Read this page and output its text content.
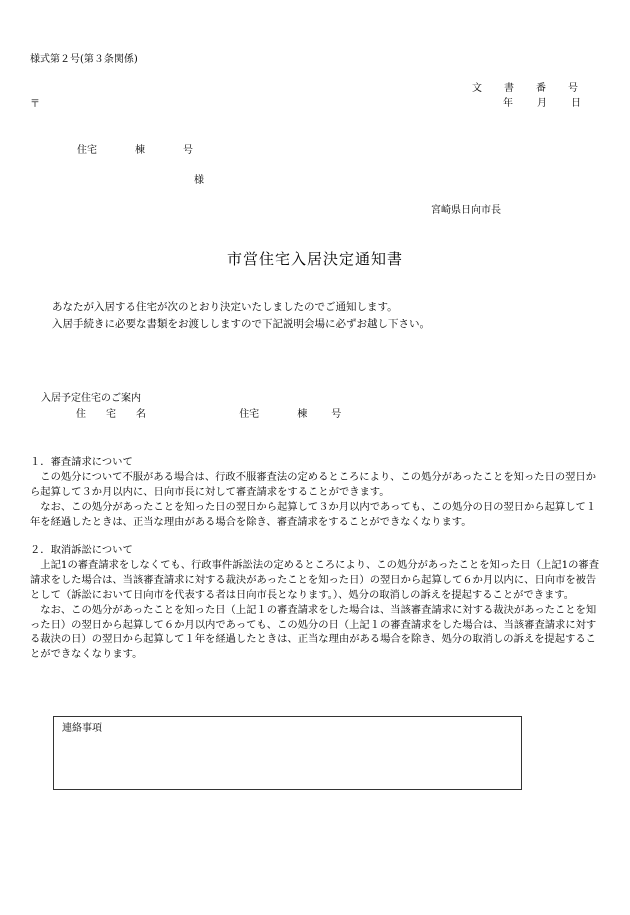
様式第２号(第３条関係)
文 書 番 号
年 月 日
〒
住宅	棟	号
様
宮崎県日向市長
市営住宅入居決定通知書
あなたが入居する住宅が次のとおり決定いたしましたのでご通知します。
入居手続きに必要な書類をお渡ししますので下記説明会場に必ずお越し下さい。
入居予定住宅のご案内
住 宅 名	住宅	棟 号

１．審査請求について

　この処分について不服がある場合は、行政不服審査法の定めるところにより、この処分があったことを知った日の翌日から起算して３か月以内に、日向市長に対して審査請求をすることができます。

　なお、この処分があったことを知った日の翌日から起算して３か月以内であっても、この処分の日の翌日から起算して１年を経過したときは、正当な理由がある場合を除き、審査請求をすることができなくなります。

２．取消訴訟について

　上記1の審査請求をしなくても、行政事件訴訟法の定めるところにより、この処分があったことを知った日（上記1の審査請求をした場合は、当該審査請求に対する裁決があったことを知った日）の翌日から起算して６か月以内に、日向市を被告として（訴訟において日向市を代表する者は日向市長となります。）、処分の取消しの訴えを提起することができます。

　なお、この処分があったことを知った日（上記１の審査請求をした場合は、当該審査請求に対する裁決があったことを知った日）の翌日から起算して６か月以内であっても、この処分の日（上記１の審査請求をした場合は、当該審査請求に対する裁決の日）の翌日から起算して１年を経過したときは、正当な理由がある場合を除き、処分の取消しの訴えを提起することができなくなります。

連絡事項
